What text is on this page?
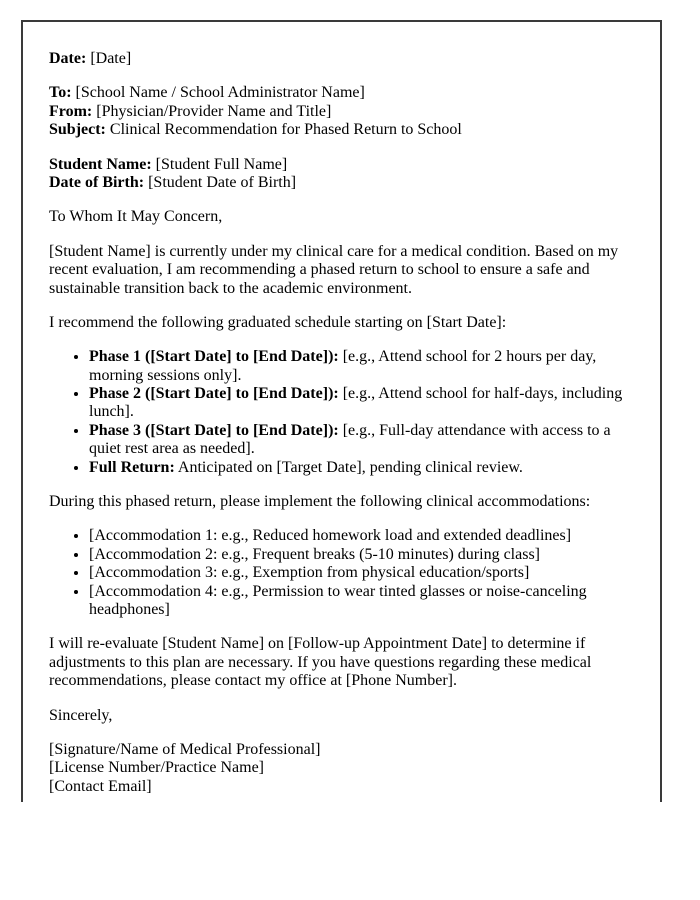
Date: [Date]

To: [School Name / School Administrator Name]
From: [Physician/Provider Name and Title]
Subject: Clinical Recommendation for Phased Return to School

Student Name: [Student Full Name]
Date of Birth: [Student Date of Birth]

To Whom It May Concern,

[Student Name] is currently under my clinical care for a medical condition. Based on my recent evaluation, I am recommending a phased return to school to ensure a safe and sustainable transition back to the academic environment.

I recommend the following graduated schedule starting on [Start Date]:

• Phase 1 ([Start Date] to [End Date]): [e.g., Attend school for 2 hours per day, morning sessions only].
• Phase 2 ([Start Date] to [End Date]): [e.g., Attend school for half-days, including lunch].
• Phase 3 ([Start Date] to [End Date]): [e.g., Full-day attendance with access to a quiet rest area as needed].
• Full Return: Anticipated on [Target Date], pending clinical review.

During this phased return, please implement the following clinical accommodations:

• [Accommodation 1: e.g., Reduced homework load and extended deadlines]
• [Accommodation 2: e.g., Frequent breaks (5-10 minutes) during class]
• [Accommodation 3: e.g., Exemption from physical education/sports]
• [Accommodation 4: e.g., Permission to wear tinted glasses or noise-canceling headphones]

I will re-evaluate [Student Name] on [Follow-up Appointment Date] to determine if adjustments to this plan are necessary. If you have questions regarding these medical recommendations, please contact my office at [Phone Number].

Sincerely,

[Signature/Name of Medical Professional]
[License Number/Practice Name]
[Contact Email]
